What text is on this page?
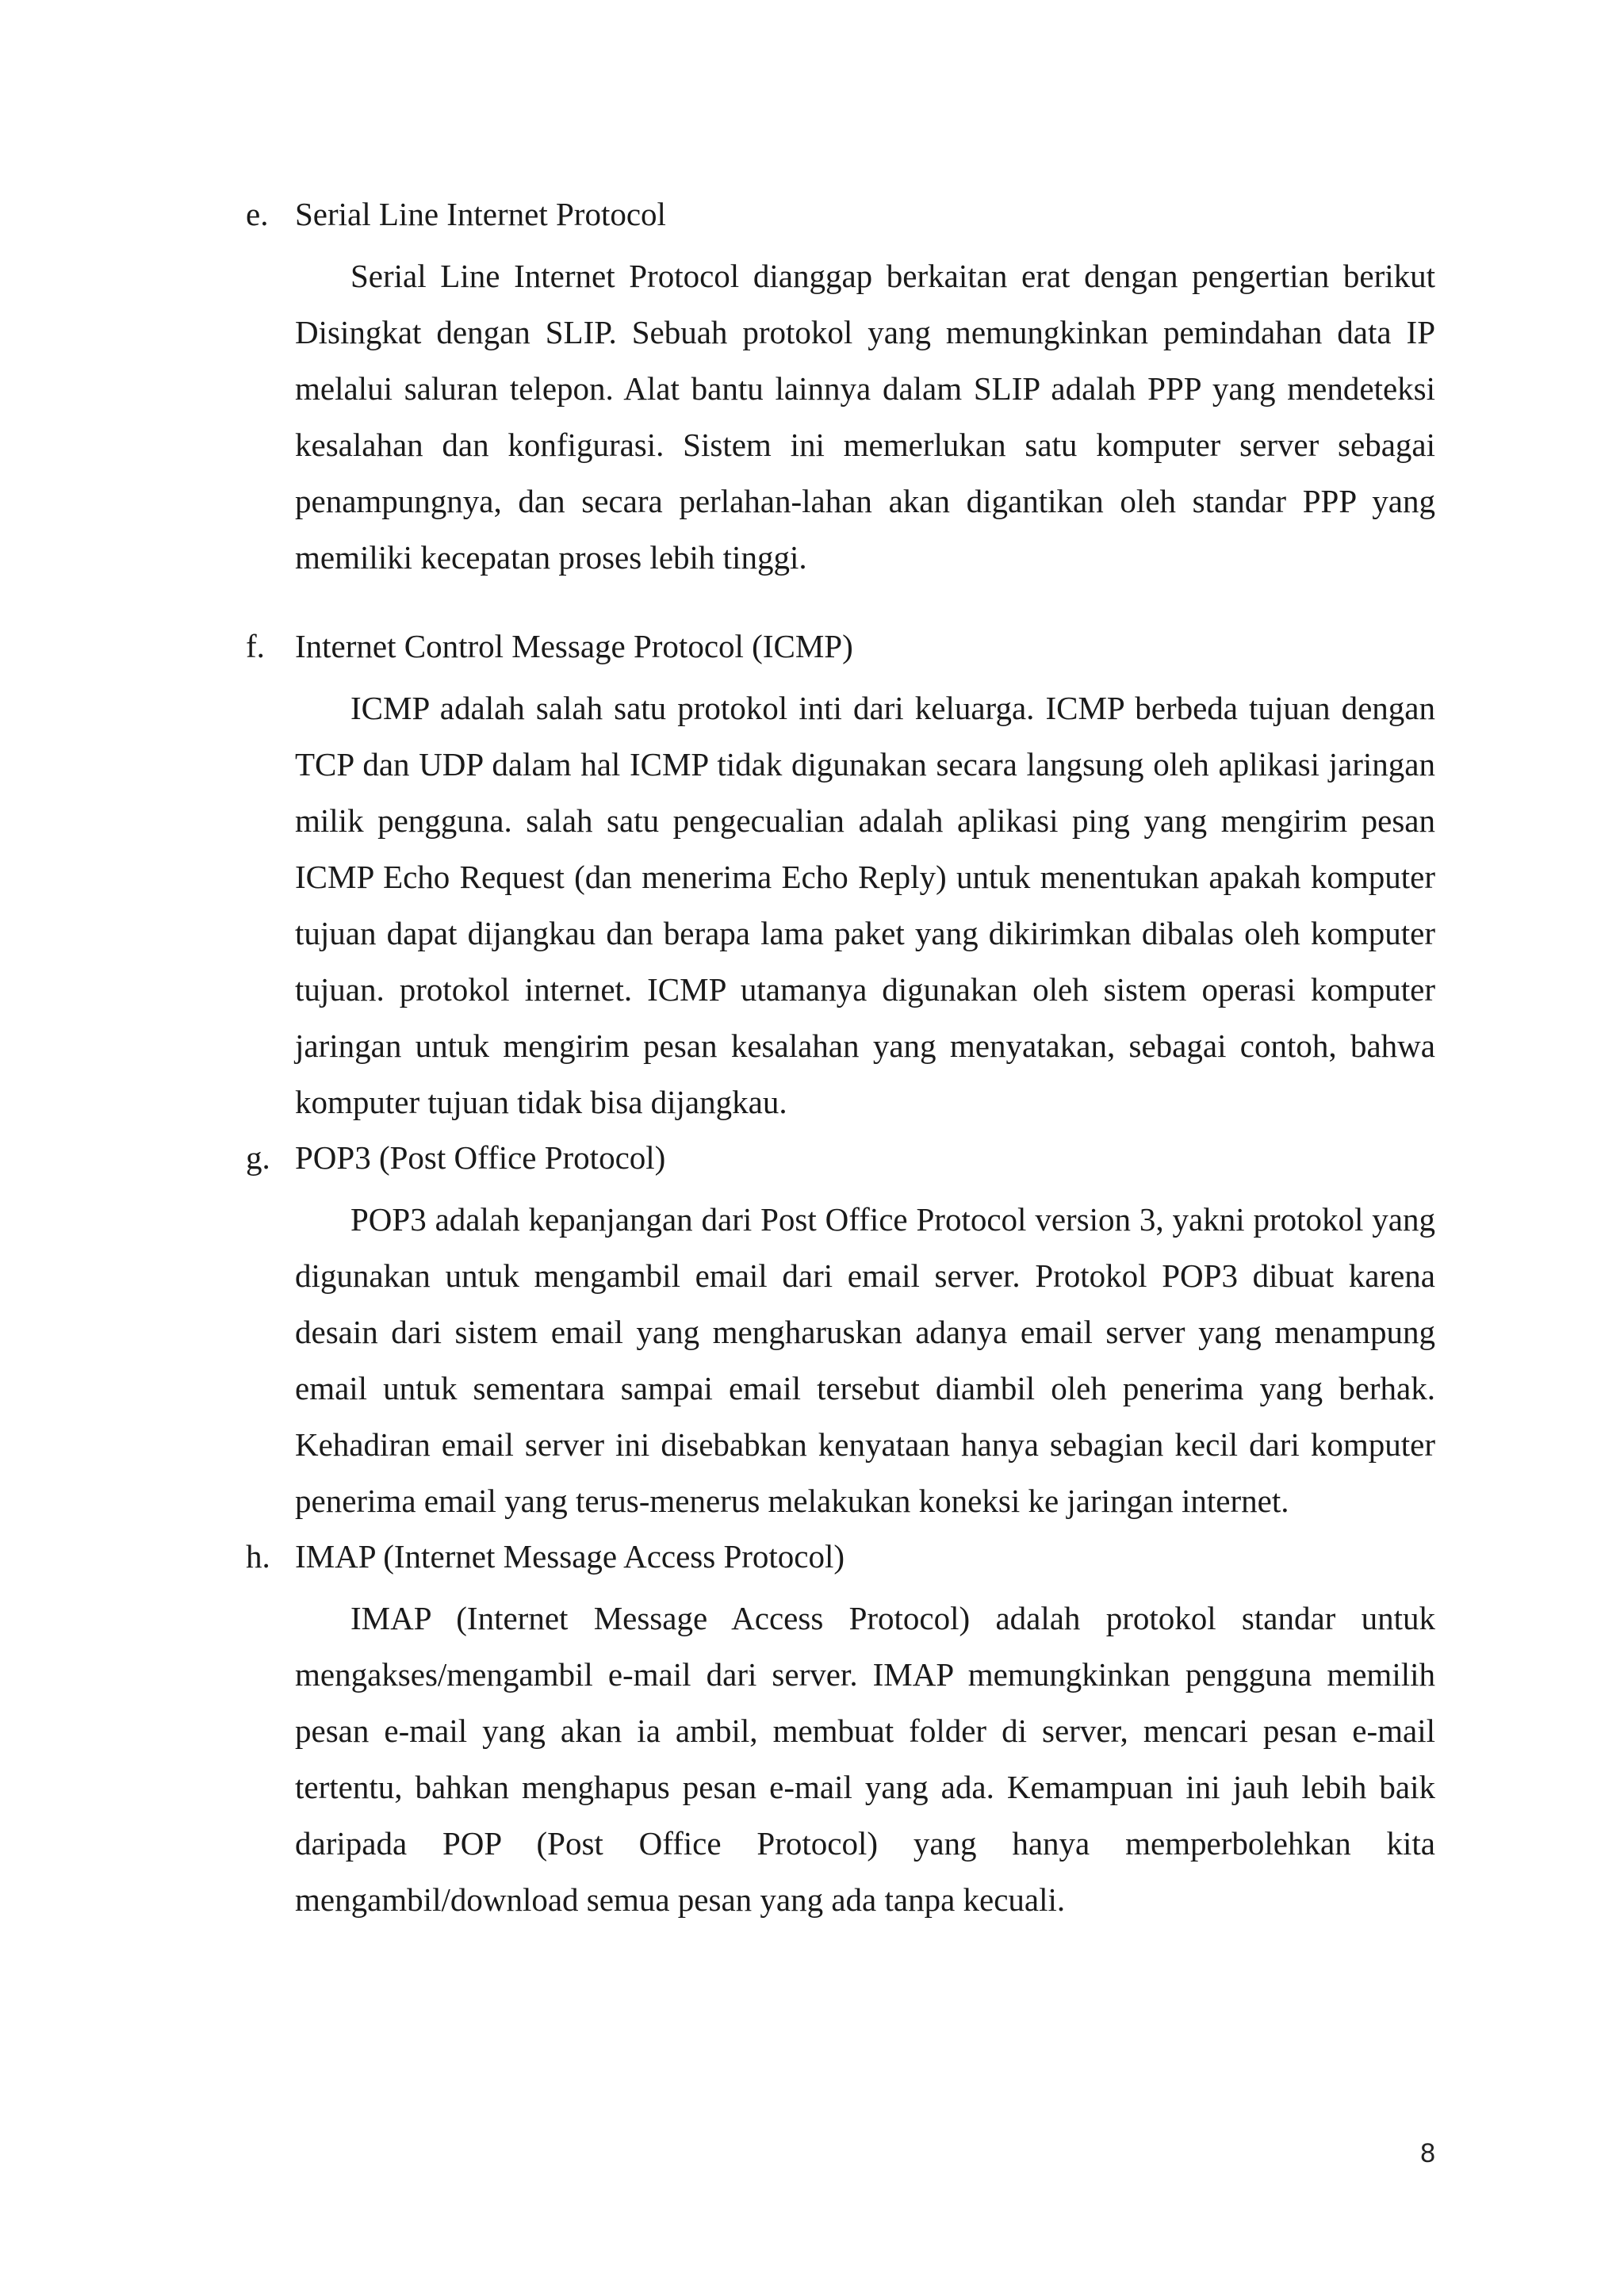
e. Serial Line Internet Protocol

Serial Line Internet Protocol dianggap berkaitan erat dengan pengertian berikut Disingkat dengan SLIP. Sebuah protokol yang memungkinkan pemindahan data IP melalui saluran telepon. Alat bantu lainnya dalam SLIP adalah PPP yang mendeteksi kesalahan dan konfigurasi. Sistem ini memerlukan satu komputer server sebagai penampungnya, dan secara perlahan-lahan akan digantikan oleh standar PPP yang memiliki kecepatan proses lebih tinggi.

f. Internet Control Message Protocol (ICMP)

ICMP adalah salah satu protokol inti dari keluarga. ICMP berbeda tujuan dengan TCP dan UDP dalam hal ICMP tidak digunakan secara langsung oleh aplikasi jaringan milik pengguna. salah satu pengecualian adalah aplikasi ping yang mengirim pesan ICMP Echo Request (dan menerima Echo Reply) untuk menentukan apakah komputer tujuan dapat dijangkau dan berapa lama paket yang dikirimkan dibalas oleh komputer tujuan. protokol internet. ICMP utamanya digunakan oleh sistem operasi komputer jaringan untuk mengirim pesan kesalahan yang menyatakan, sebagai contoh, bahwa komputer tujuan tidak bisa dijangkau.

g. POP3 (Post Office Protocol)

POP3 adalah kepanjangan dari Post Office Protocol version 3, yakni protokol yang digunakan untuk mengambil email dari email server. Protokol POP3 dibuat karena desain dari sistem email yang mengharuskan adanya email server yang menampung email untuk sementara sampai email tersebut diambil oleh penerima yang berhak. Kehadiran email server ini disebabkan kenyataan hanya sebagian kecil dari komputer penerima email yang terus-menerus melakukan koneksi ke jaringan internet.

h. IMAP (Internet Message Access Protocol)

IMAP (Internet Message Access Protocol) adalah protokol standar untuk mengakses/mengambil e-mail dari server. IMAP memungkinkan pengguna memilih pesan e-mail yang akan ia ambil, membuat folder di server, mencari pesan e-mail tertentu, bahkan menghapus pesan e-mail yang ada. Kemampuan ini jauh lebih baik daripada POP (Post Office Protocol) yang hanya memperbolehkan kita mengambil/download semua pesan yang ada tanpa kecuali.

8
